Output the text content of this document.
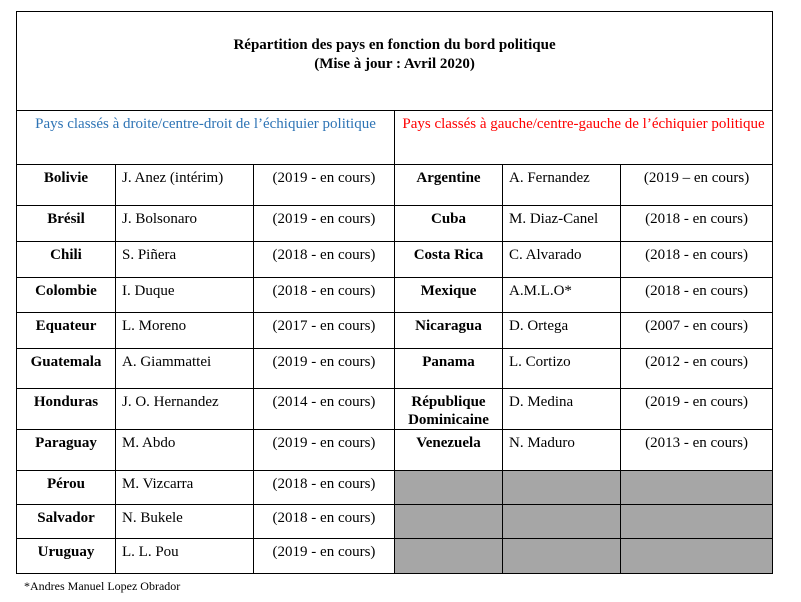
Répartition des pays en fonction du bord politique
(Mise à jour : Avril 2020)					

Pays classés à droite/centre-droit de l’échiquier politique			Pays classés à gauche/centre-gauche de l’échiquier politique		
Bolivie	J. Anez (intérim)	(2019 - en cours)	Argentine	A. Fernandez	(2019 – en cours)
Brésil	J. Bolsonaro	(2019 - en cours)	Cuba	M. Diaz-Canel	(2018 - en cours)
Chili	S. Piñera	(2018 - en cours)	Costa Rica	C. Alvarado	(2018 - en cours)
Colombie	I. Duque	(2018 - en cours)	Mexique	A.M.L.O*	(2018 - en cours)
Equateur	L. Moreno	(2017 - en cours)	Nicaragua	D. Ortega	(2007 - en cours)
Guatemala	A. Giammattei	(2019 - en cours)	Panama	L. Cortizo	(2012 - en cours)
Honduras	J. O. Hernandez	(2014 - en cours)	République Dominicaine	D. Medina	(2019 - en cours)
Paraguay	M. Abdo	(2019 - en cours)	Venezuela	N. Maduro	(2013 - en cours)
Pérou	M. Vizcarra	(2018 - en cours)			
Salvador	N. Bukele	(2018 - en cours)			
Uruguay	L. L. Pou	(2019 - en cours)			
*Andres Manuel Lopez Obrador
